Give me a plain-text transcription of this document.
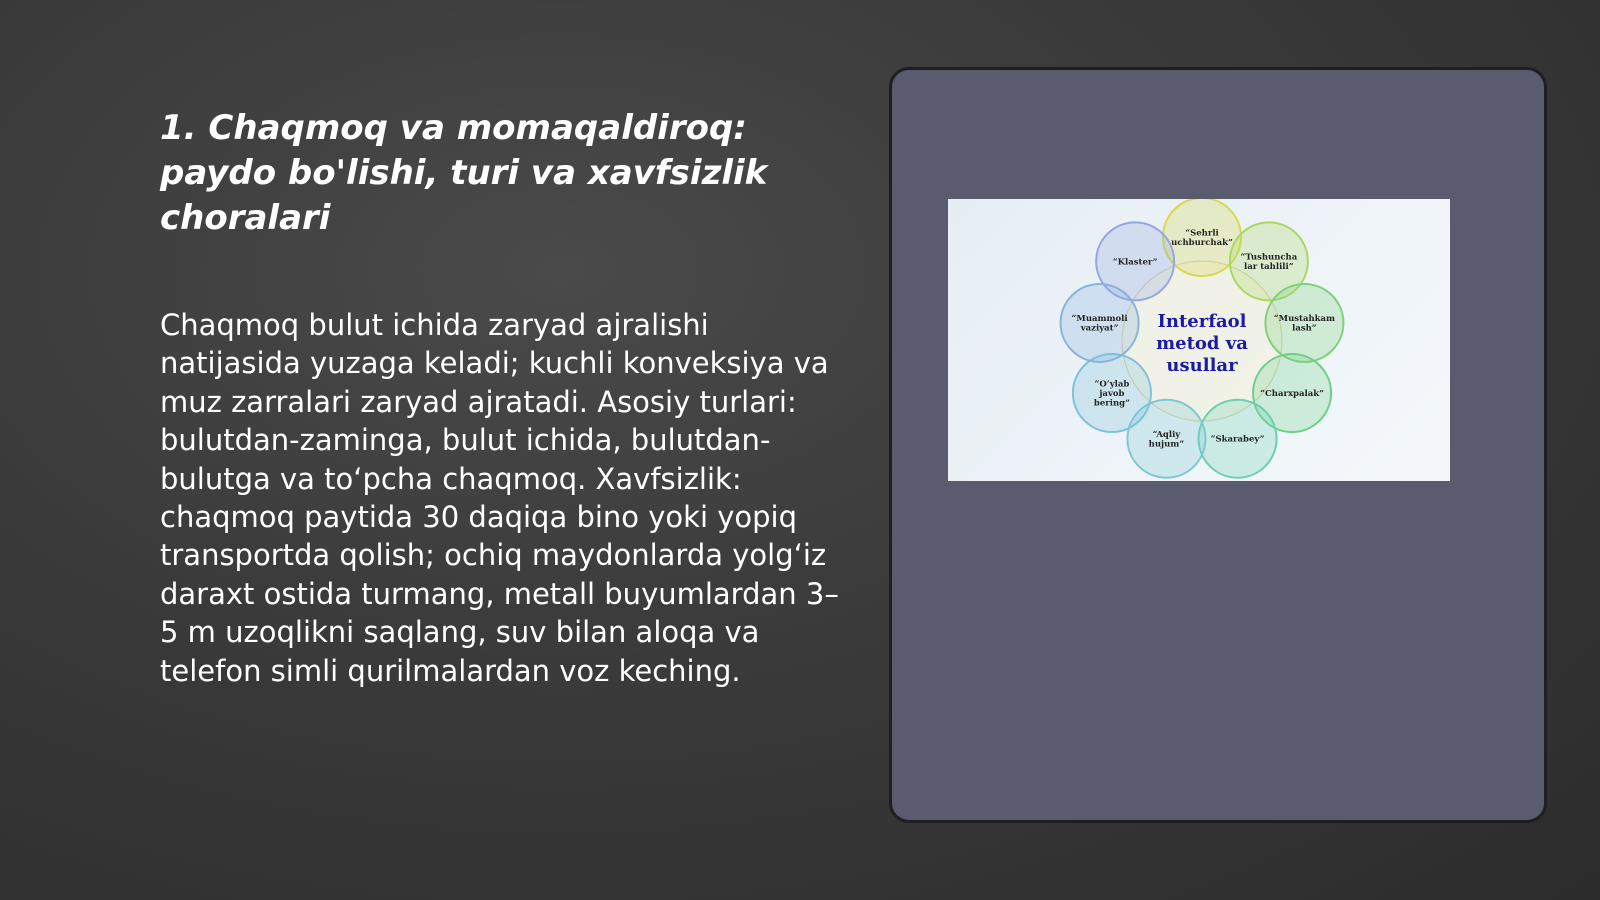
1. Chaqmoq va momaqaldiroq: paydo bo'lishi, turi va xavfsizlik choralari

Chaqmoq bulut ichida zaryad ajralishi natijasida yuzaga keladi; kuchli konveksiya va muz zarralari zaryad ajratadi. Asosiy turlari: bulutdan-zaminga, bulut ichida, bulutdan-bulutga va to‘pcha chaqmoq. Xavfsizlik: chaqmoq paytida 30 daqiqa bino yoki yopiq transportda qolish; ochiq maydonlarda yolg‘iz daraxt ostida turmang, metall buyumlardan 3–5 m uzoqlikni saqlang, suv bilan aloqa va telefon simli qurilmalardan voz keching.

“Sehrli
uchburchak”
“Tushuncha
lar tahlili”
“Mustahkam
lash”
“Charxpalak”
“Skarabey”
“Aqliy
hujum”
“O‘ylab
javob
bering”
“Muammoli
vaziyat”
“Klaster”
Interfaol
metod va
usullar
